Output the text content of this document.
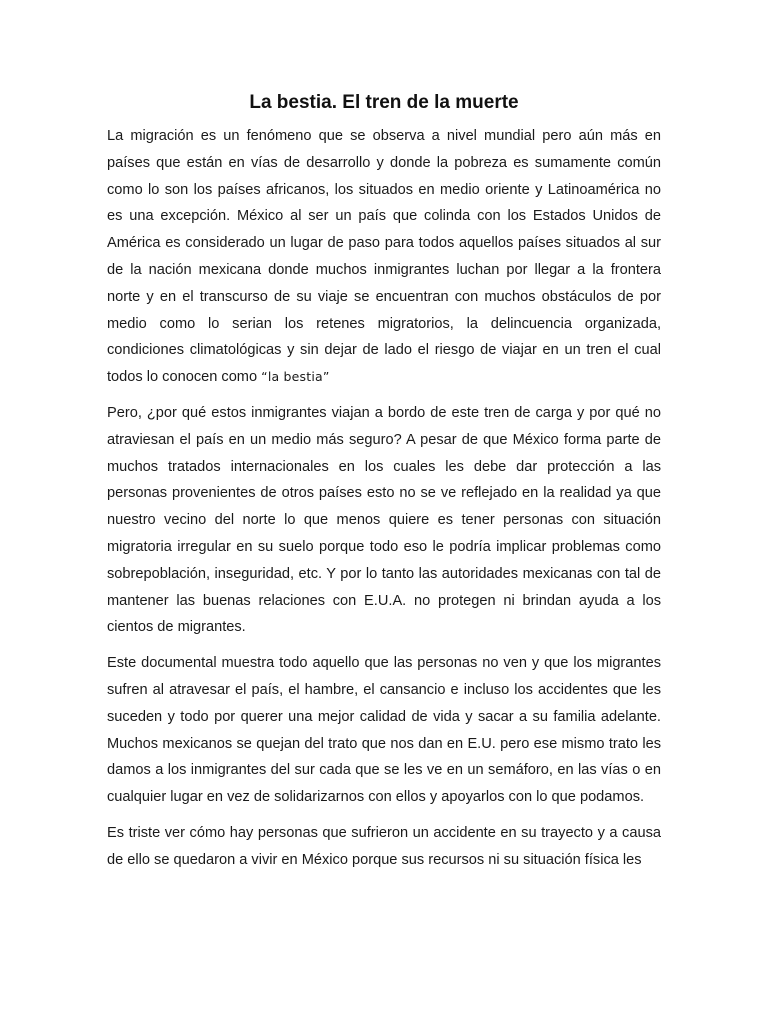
La bestia. El tren de la muerte

La migración es un fenómeno que se observa a nivel mundial pero aún más en países que están en vías de desarrollo y donde la pobreza es sumamente común como lo son los países africanos, los situados en medio oriente y Latinoamérica no es una excepción. México al ser un país que colinda con los Estados Unidos de América es considerado un lugar de paso para todos aquellos países situados al sur de la nación mexicana donde muchos inmigrantes luchan por llegar a la frontera norte y en el transcurso de su viaje se encuentran con muchos obstáculos de por medio como lo serian los retenes migratorios, la delincuencia organizada, condiciones climatológicas y sin dejar de lado el riesgo de viajar en un tren el cual todos lo conocen como “la bestia”

Pero, ¿por qué estos inmigrantes viajan a bordo de este tren de carga y por qué no atraviesan el país en un medio más seguro? A pesar de que México forma parte de muchos tratados internacionales en los cuales les debe dar protección a las personas provenientes de otros países esto no se ve reflejado en la realidad ya que nuestro vecino del norte lo que menos quiere es tener personas con situación migratoria irregular en su suelo porque todo eso le podría implicar problemas como sobrepoblación, inseguridad, etc. Y por lo tanto las autoridades mexicanas con tal de mantener las buenas relaciones con E.U.A. no protegen ni brindan ayuda a los cientos de migrantes.

Este documental muestra todo aquello que las personas no ven y que los migrantes sufren al atravesar el país, el hambre, el cansancio e incluso los accidentes que les suceden y todo por querer una mejor calidad de vida y sacar a su familia adelante. Muchos mexicanos se quejan del trato que nos dan en E.U. pero ese mismo trato les damos a los inmigrantes del sur cada que se les ve en un semáforo, en las vías o en cualquier lugar en vez de solidarizarnos con ellos y apoyarlos con lo que podamos.

Es triste ver cómo hay personas que sufrieron un accidente en su trayecto y a causa de ello se quedaron a vivir en México porque sus recursos ni su situación física les
